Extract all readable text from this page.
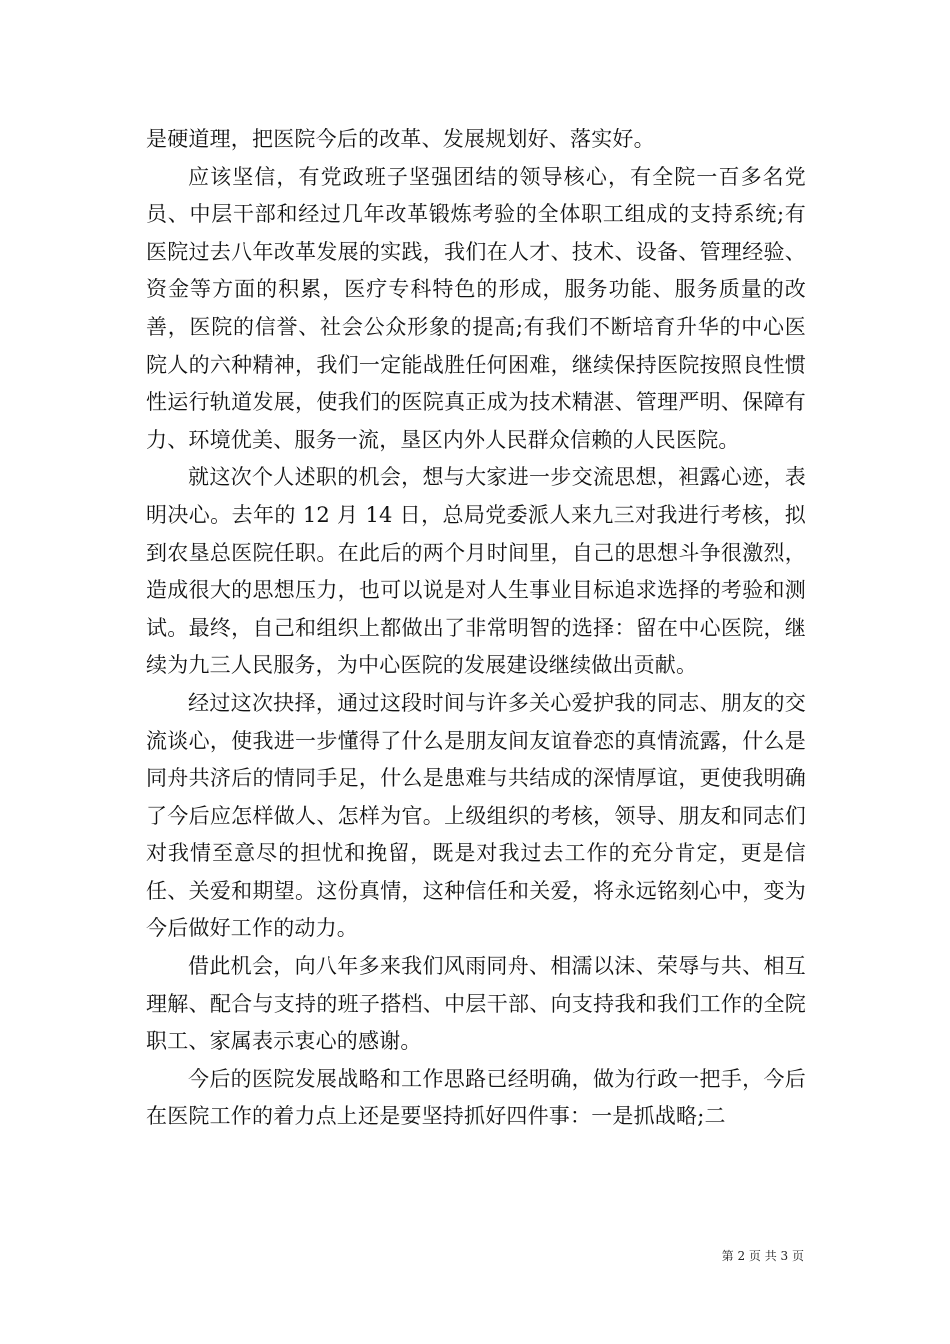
是硬道理，把医院今后的改革、发展规划好、落实好。

应该坚信，有党政班子坚强团结的领导核心，有全院一百多名党员、中层干部和经过几年改革锻炼考验的全体职工组成的支持系统;有医院过去八年改革发展的实践，我们在人才、技术、设备、管理经验、资金等方面的积累，医疗专科特色的形成，服务功能、服务质量的改善，医院的信誉、社会公众形象的提高;有我们不断培育升华的中心医院人的六种精神，我们一定能战胜任何困难，继续保持医院按照良性惯性运行轨道发展，使我们的医院真正成为技术精湛、管理严明、保障有力、环境优美、服务一流，垦区内外人民群众信赖的人民医院。

就这次个人述职的机会，想与大家进一步交流思想，袒露心迹，表明决心。去年的 12 月 14 日，总局党委派人来九三对我进行考核，拟到农垦总医院任职。在此后的两个月时间里，自己的思想斗争很激烈，造成很大的思想压力，也可以说是对人生事业目标追求选择的考验和测试。最终，自己和组织上都做出了非常明智的选择：留在中心医院，继续为九三人民服务，为中心医院的发展建设继续做出贡献。

经过这次抉择，通过这段时间与许多关心爱护我的同志、朋友的交流谈心，使我进一步懂得了什么是朋友间友谊眷恋的真情流露，什么是同舟共济后的情同手足，什么是患难与共结成的深情厚谊，更使我明确了今后应怎样做人、怎样为官。上级组织的考核，领导、朋友和同志们对我情至意尽的担忧和挽留，既是对我过去工作的充分肯定，更是信任、关爱和期望。这份真情，这种信任和关爱，将永远铭刻心中，变为今后做好工作的动力。

借此机会，向八年多来我们风雨同舟、相濡以沫、荣辱与共、相互理解、配合与支持的班子搭档、中层干部、向支持我和我们工作的全院职工、家属表示衷心的感谢。

今后的医院发展战略和工作思路已经明确，做为行政一把手，今后在医院工作的着力点上还是要坚持抓好四件事：一是抓战略;二

第 2 页 共 3 页
